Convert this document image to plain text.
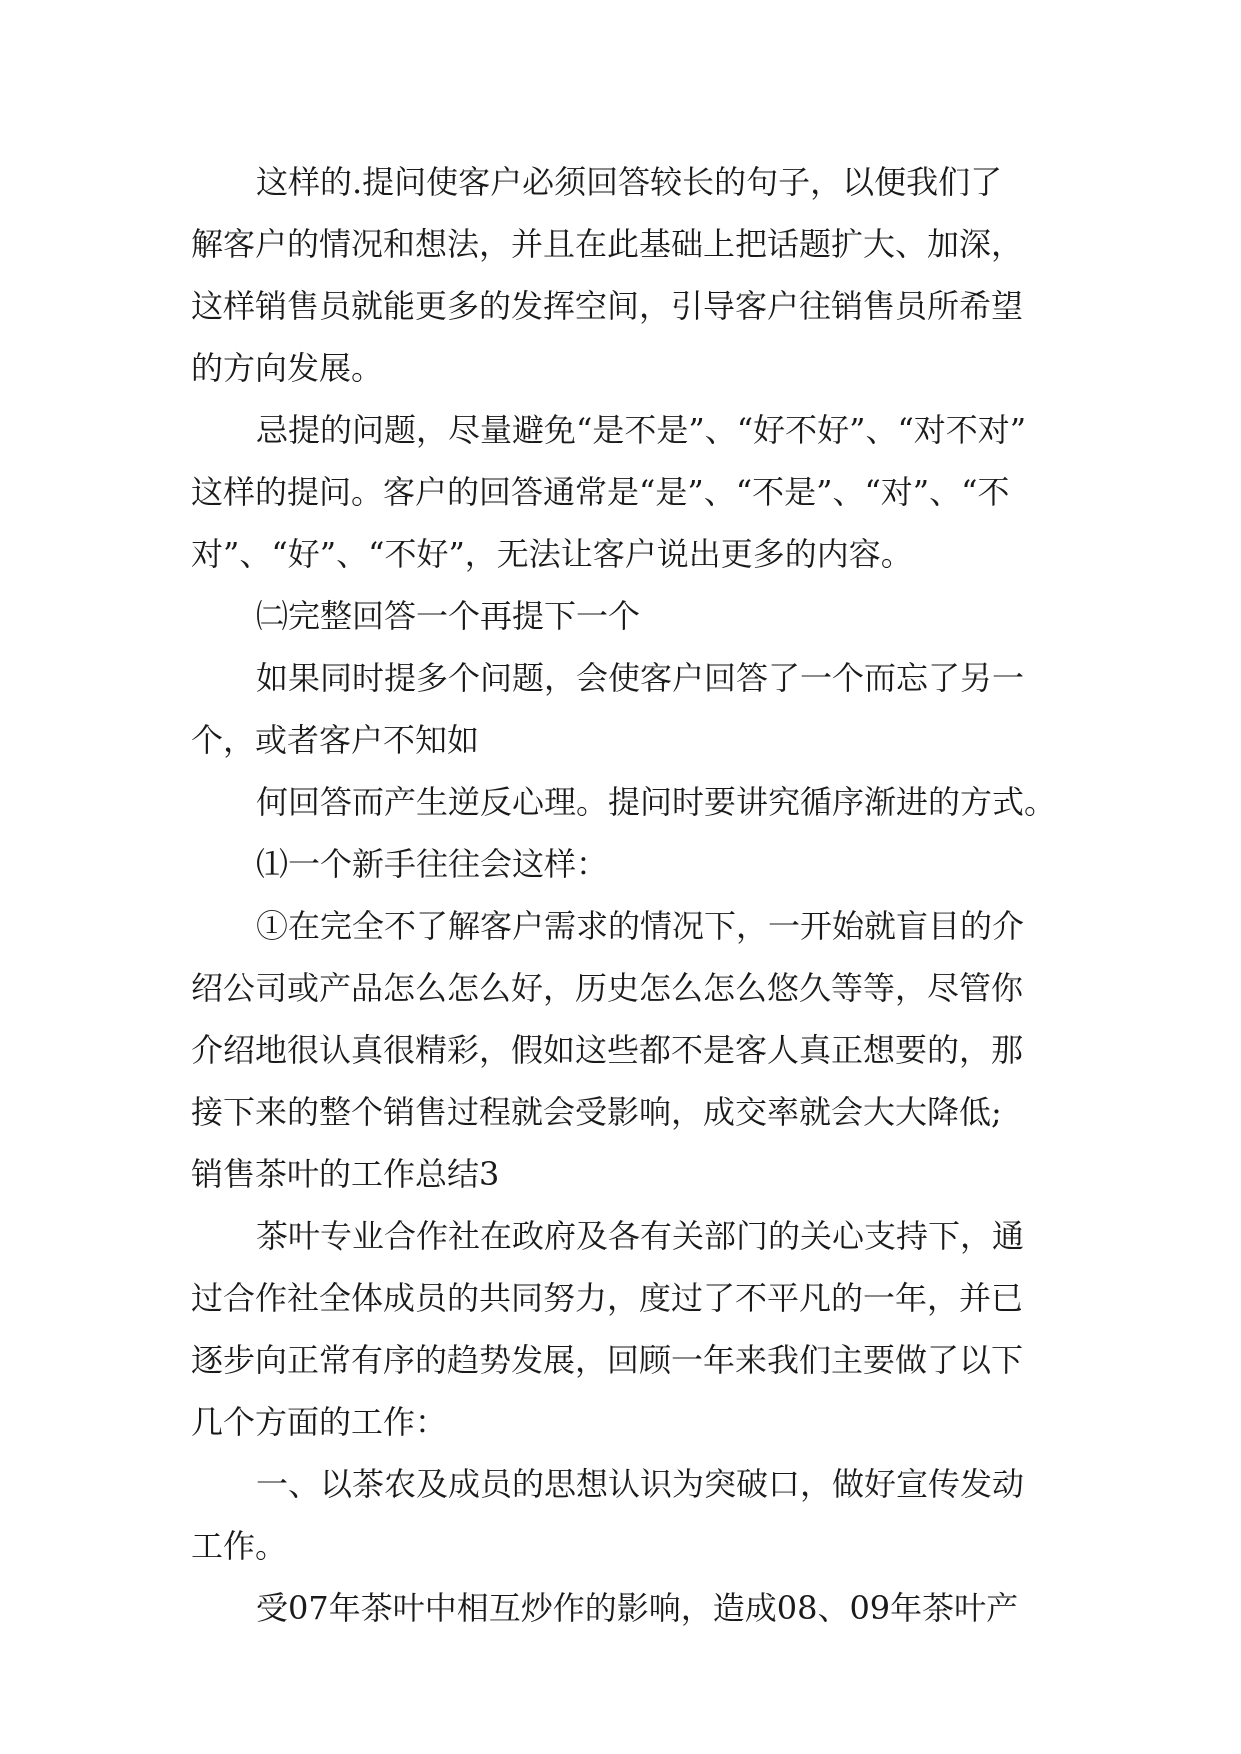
这样的.提问使客户必须回答较长的句子，以便我们了
解客户的情况和想法，并且在此基础上把话题扩大、加深，
这样销售员就能更多的发挥空间，引导客户往销售员所希望
的方向发展。
忌提的问题，尽量避免“是不是”、“好不好”、“对不对”
这样的提问。客户的回答通常是“是”、“不是”、“对”、“不
对”、“好”、“不好”，无法让客户说出更多的内容。
㈡完整回答一个再提下一个
如果同时提多个问题，会使客户回答了一个而忘了另一
个，或者客户不知如
何回答而产生逆反心理。提问时要讲究循序渐进的方式。
⑴一个新手往往会这样：
①在完全不了解客户需求的情况下，一开始就盲目的介
绍公司或产品怎么怎么好，历史怎么怎么悠久等等，尽管你
介绍地很认真很精彩，假如这些都不是客人真正想要的，那
接下来的整个销售过程就会受影响，成交率就会大大降低;
销售茶叶的工作总结3
茶叶专业合作社在政府及各有关部门的关心支持下，通
过合作社全体成员的共同努力，度过了不平凡的一年，并已
逐步向正常有序的趋势发展，回顾一年来我们主要做了以下
几个方面的工作：
一、以茶农及成员的思想认识为突破口，做好宣传发动
工作。
受07年茶叶中相互炒作的影响，造成08、09年茶叶产
